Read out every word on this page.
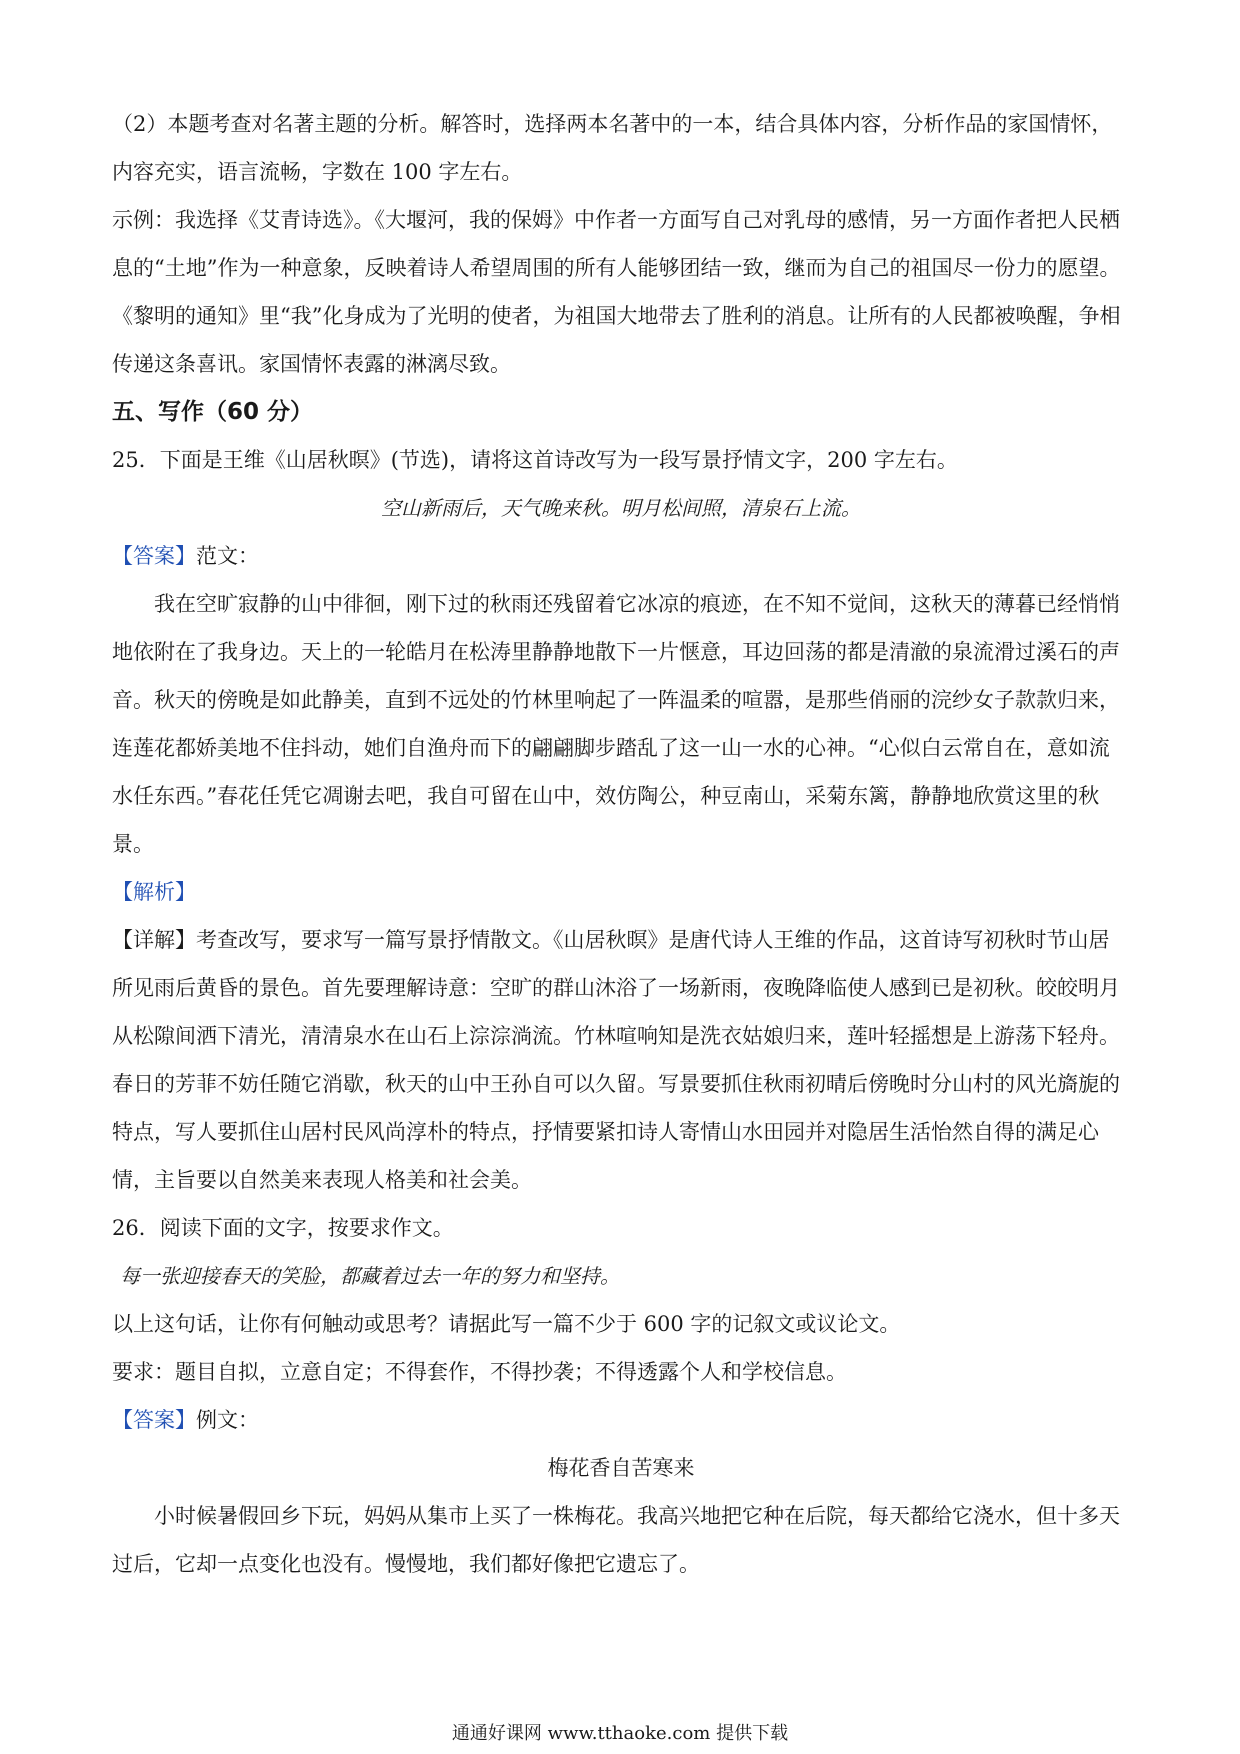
（2）本题考查对名著主题的分析。解答时，选择两本名著中的一本，结合具体内容，分析作品的家国情怀，内容充实，语言流畅，字数在 100 字左右。

示例：我选择《艾青诗选》。《大堰河，我的保姆》中作者一方面写自己对乳母的感情，另一方面作者把人民栖息的“土地”作为一种意象，反映着诗人希望周围的所有人能够团结一致，继而为自己的祖国尽一份力的愿望。《黎明的通知》里“我”化身成为了光明的使者，为祖国大地带去了胜利的消息。让所有的人民都被唤醒，争相传递这条喜讯。家国情怀表露的淋漓尽致。

五、写作（60 分）

25．下面是王维《山居秋暝》(节选)，请将这首诗改写为一段写景抒情文字，200 字左右。

空山新雨后，天气晚来秋。明月松间照，清泉石上流。

【答案】范文：

我在空旷寂静的山中徘徊，刚下过的秋雨还残留着它冰凉的痕迹，在不知不觉间，这秋天的薄暮已经悄悄地依附在了我身边。天上的一轮皓月在松涛里静静地散下一片惬意，耳边回荡的都是清澈的泉流滑过溪石的声音。秋天的傍晚是如此静美，直到不远处的竹林里响起了一阵温柔的喧嚣，是那些俏丽的浣纱女子款款归来，连莲花都娇美地不住抖动，她们自渔舟而下的翩翩脚步踏乱了这一山一水的心神。“心似白云常自在，意如流水任东西。”春花任凭它凋谢去吧，我自可留在山中，效仿陶公，种豆南山，采菊东篱，静静地欣赏这里的秋景。

【解析】

【详解】考查改写，要求写一篇写景抒情散文。《山居秋暝》是唐代诗人王维的作品，这首诗写初秋时节山居所见雨后黄昏的景色。首先要理解诗意：空旷的群山沐浴了一场新雨，夜晚降临使人感到已是初秋。皎皎明月从松隙间洒下清光，清清泉水在山石上淙淙淌流。竹林喧响知是洗衣姑娘归来，莲叶轻摇想是上游荡下轻舟。春日的芳菲不妨任随它消歇，秋天的山中王孙自可以久留。写景要抓住秋雨初晴后傍晚时分山村的风光旖旎的特点，写人要抓住山居村民风尚淳朴的特点，抒情要紧扣诗人寄情山水田园并对隐居生活怡然自得的满足心情，主旨要以自然美来表现人格美和社会美。

26．阅读下面的文字，按要求作文。

每一张迎接春天的笑脸，都藏着过去一年的努力和坚持。

以上这句话，让你有何触动或思考？请据此写一篇不少于 600 字的记叙文或议论文。

要求：题目自拟，立意自定；不得套作，不得抄袭；不得透露个人和学校信息。

【答案】例文：

梅花香自苦寒来

小时候暑假回乡下玩，妈妈从集市上买了一株梅花。我高兴地把它种在后院，每天都给它浇水，但十多天过后，它却一点变化也没有。慢慢地，我们都好像把它遗忘了。

通通好课网 www.tthaoke.com 提供下载
